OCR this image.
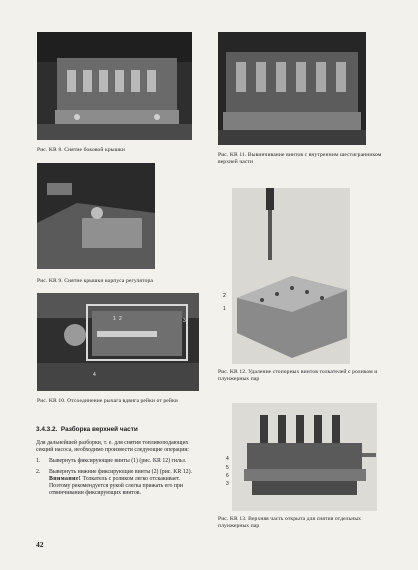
Рис. KR 8. Снятие боковой крышки
Рис. KR 11. Вывинчивание винтов с внутренним шестигранником верхней части
Рис. KR 9. Снятие крышки корпуса регулятора
2
1
Рис. KR 12. Удаление стопорных винтов толкателей с роликом и плунжерных пар
1 2	3
4
Рис. KR 10. Отсоединение рычага вдвига рейки от рейки
4
5
6
3
Рис. KR 13. Верхняя часть открыта для снятия отдельных плунжерных пар
3.4.3.2. Разборка верхней части

Для дальнейшей разборки, т. е. для снятия топливоподающих секций насоса, необходимо произвести следующие операции:

1. Вывернуть фиксирующие винты (1) (рис. KR 12) гильз.
2. Вывернуть нижние фиксирующие винты (2) (рис. KR 12).
Внимание! Толкатель с роликом легко отскакивает. Поэтому рекомендуется рукой слегка прижать его при отвинчивании фиксирующих винтов.
42
